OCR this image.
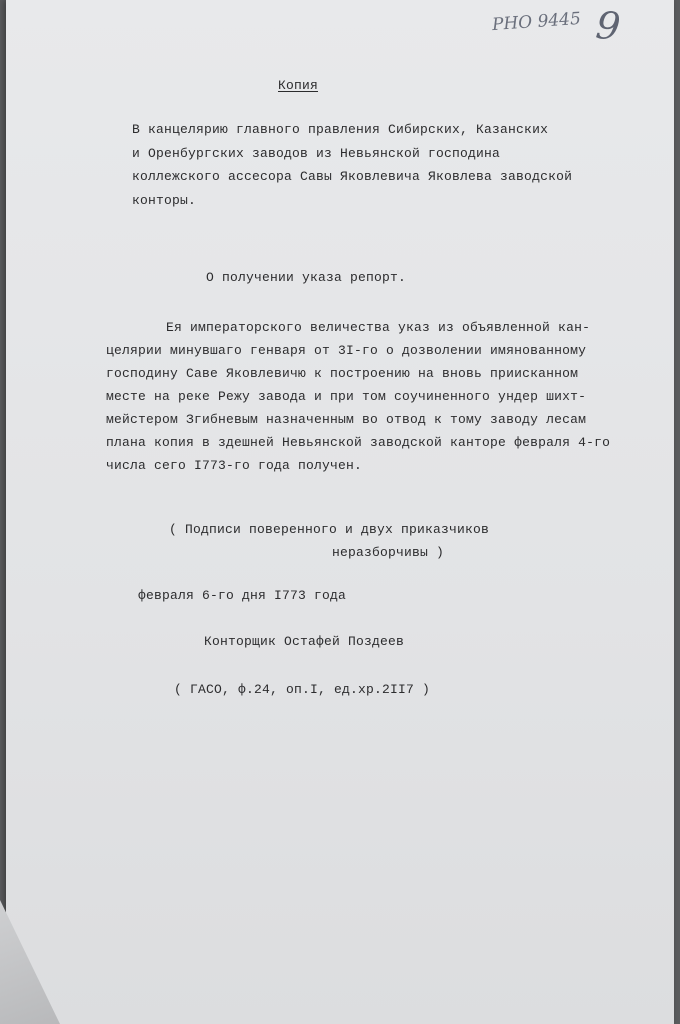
PHO 9445 9
Копия
В канцелярию главного правления Сибирских, Казанских
и Оренбургских заводов из Невьянской господина
коллежского ассесора Савы Яковлевича Яковлева заводской
конторы.
О получении указа репорт.
Ея императорского величества указ из объявленной кан-
целярии минувшаго генваря от 3I-го о дозволении имянованному
господину Саве Яковлевичю к построению на вновь приисканном
месте на реке Режу завода и при том соучиненного ундер шихт-
мейстером Згибневым назначенным во отвод к тому заводу лесам
плана копия в здешней Невьянской заводской канторе февраля 4-го
числа сего I773-го года получен.
( Подписи поверенного и двух приказчиков
неразборчивы )
февраля 6-го дня I773 года
Конторщик Остафей Поздеев
( ГАСО, ф.24, оп.I, ед.хр.2II7 )
